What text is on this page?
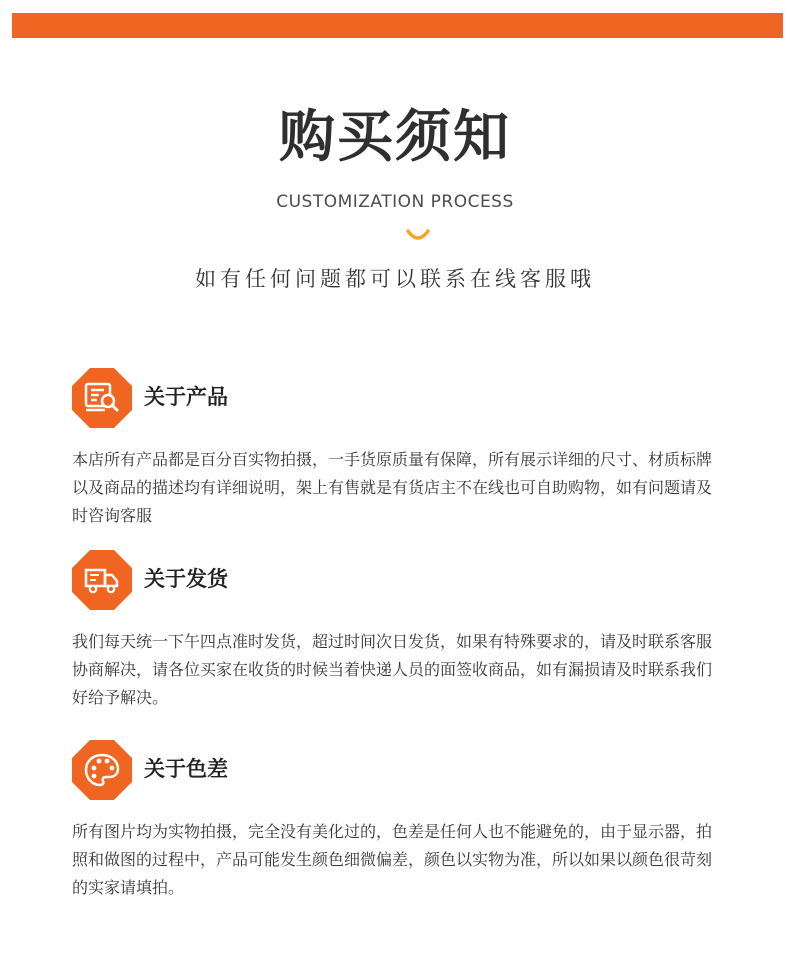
购买须知
CUSTOMIZATION PROCESS
如有任何问题都可以联系在线客服哦
关于产品
本店所有产品都是百分百实物拍摄，一手货原质量有保障，所有展示详细的尺寸、材质标牌以及商品的描述均有详细说明，架上有售就是有货店主不在线也可自助购物，如有问题请及时咨询客服
关于发货
我们每天统一下午四点准时发货，超过时间次日发货，如果有特殊要求的，请及时联系客服协商解决，请各位买家在收货的时候当着快递人员的面签收商品，如有漏损请及时联系我们好给予解决。
关于色差
所有图片均为实物拍摄，完全没有美化过的，色差是任何人也不能避免的，由于显示器，拍照和做图的过程中，产品可能发生颜色细微偏差，颜色以实物为准，所以如果以颜色很苛刻的实家请填拍。
